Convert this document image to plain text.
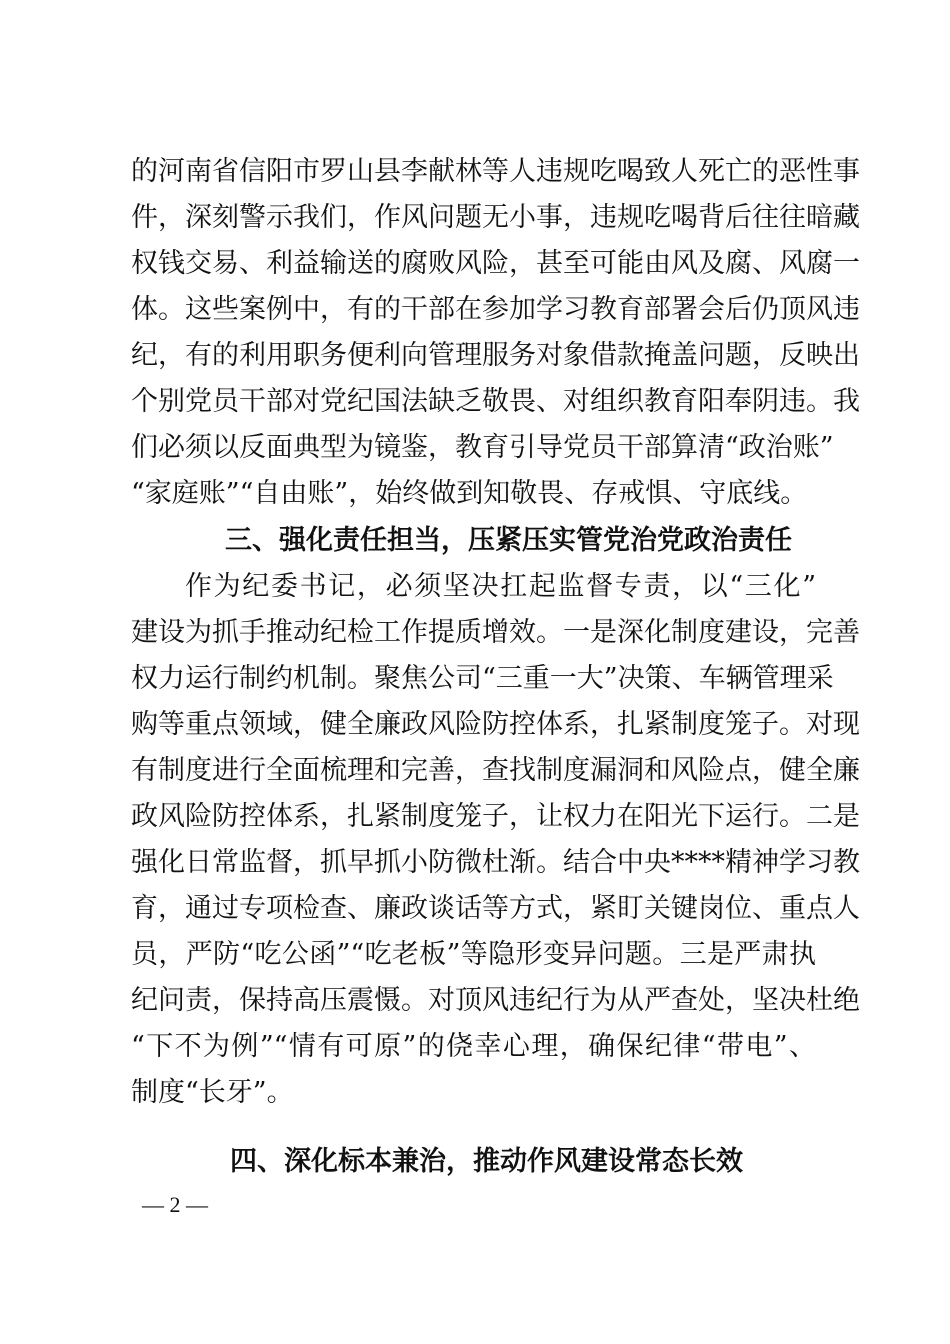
的河南省信阳市罗山县李献林等人违规吃喝致人死亡的恶性事
件，深刻警示我们，作风问题无小事，违规吃喝背后往往暗藏
权钱交易、利益输送的腐败风险，甚至可能由风及腐、风腐一
体。这些案例中，有的干部在参加学习教育部署会后仍顶风违
纪，有的利用职务便利向管理服务对象借款掩盖问题，反映出
个别党员干部对党纪国法缺乏敬畏、对组织教育阳奉阴违。我
们必须以反面典型为镜鉴，教育引导党员干部算清“政治账”
“家庭账”“自由账”，始终做到知敬畏、存戒惧、守底线。
三、强化责任担当，压紧压实管党治党政治责任
作为纪委书记，必须坚决扛起监督专责，以“三化”
建设为抓手推动纪检工作提质增效。一是深化制度建设，完善
权力运行制约机制。聚焦公司“三重一大”决策、车辆管理采
购等重点领域，健全廉政风险防控体系，扎紧制度笼子。对现
有制度进行全面梳理和完善，查找制度漏洞和风险点，健全廉
政风险防控体系，扎紧制度笼子，让权力在阳光下运行。二是
强化日常监督，抓早抓小防微杜渐。结合中央****精神学习教
育，通过专项检查、廉政谈话等方式，紧盯关键岗位、重点人
员，严防“吃公函”“吃老板”等隐形变异问题。三是严肃执
纪问责，保持高压震慑。对顶风违纪行为从严查处，坚决杜绝
“下不为例”“情有可原”的侥幸心理，确保纪律“带电”、
制度“长牙”。
四、深化标本兼治，推动作风建设常态长效
— 2 —
